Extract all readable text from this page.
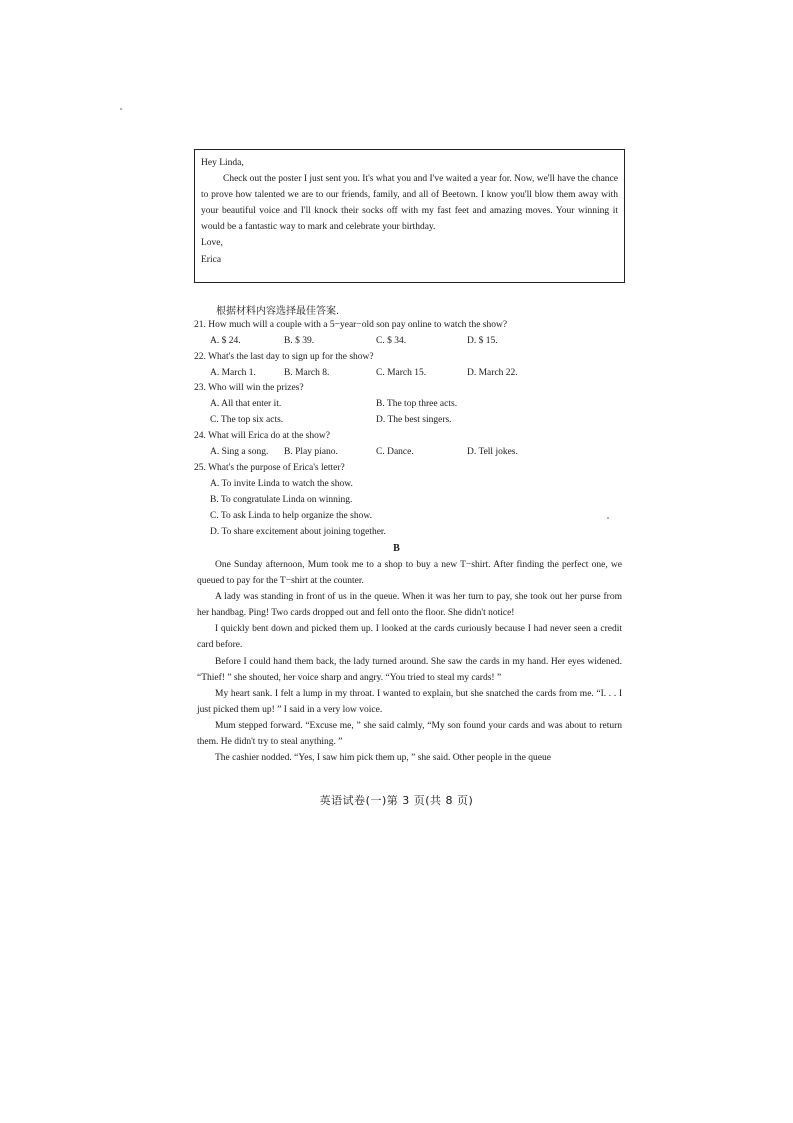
Hey Linda,

Check out the poster I just sent you. It's what you and I've waited a year for. Now, we'll have the chance to prove how talented we are to our friends, family, and all of Beetown. I know you'll blow them away with your beautiful voice and I'll knock their socks off with my fast feet and amazing moves. Your winning it would be a fantastic way to mark and celebrate your birthday.

Love,

Erica

根据材料内容选择最佳答案.
21. How much will a couple with a 5−year−old son pay online to watch the show?
A. $ 24.	B. $ 39.	C. $ 34.	D. $ 15.
22. What's the last day to sign up for the show?
A. March 1.	B. March 8.	C. March 15.	D. March 22.
23. Who will win the prizes?
A. All that enter it.	B. The top three acts.
C. The top six acts.	D. The best singers.
24. What will Erica do at the show?
A. Sing a song. B. Play piano.	C. Dance.	D. Tell jokes.
25. What's the purpose of Erica's letter?
A. To invite Linda to watch the show.
B. To congratulate Linda on winning.
C. To ask Linda to help organize the show.
D. To share excitement about joining together.
B

One Sunday afternoon, Mum took me to a shop to buy a new T−shirt. After finding the perfect one, we queued to pay for the T−shirt at the counter.

A lady was standing in front of us in the queue. When it was her turn to pay, she took out her purse from her handbag. Ping! Two cards dropped out and fell onto the floor. She didn't notice!

I quickly bent down and picked them up. I looked at the cards curiously because I had never seen a credit card before.

Before I could hand them back, the lady turned around. She saw the cards in my hand. Her eyes widened. “Thief! ” she shouted, her voice sharp and angry. “You tried to steal my cards! ”

My heart sank. I felt a lump in my throat. I wanted to explain, but she snatched the cards from me. “I. . . I just picked them up! ” I said in a very low voice.

Mum stepped forward. “Excuse me, ” she said calmly, “My son found your cards and was about to return them. He didn't try to steal anything. ”

The cashier nodded. “Yes, I saw him pick them up, ” she said. Other people in the queue

英语试卷(一)第 3 页(共 8 页)
